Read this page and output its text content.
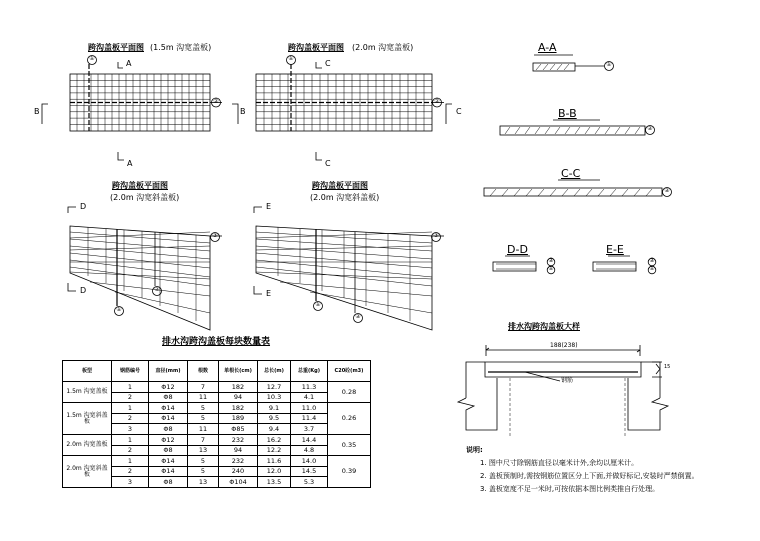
跨沟盖板平面图 (1.5m 沟宽盖板)	跨沟盖板平面图 (2.0m 沟宽盖板)
跨沟盖板平面图
(2.0m 沟宽斜盖板)
跨沟盖板平面图
(2.0m 沟宽斜盖板)
A
A
B	B
C
C
C
D
D
E
E
A-A
B-B
C-C
D-D	E-E
排水沟跨沟盖板每块数量表
板型	钢筋编号	直径(mm)	根数	单根长(cm)	总长(m)	总重(Kg)	C20砼(m3)
1.5m 沟宽盖板	1	Φ12	7	182	12.7	11.3	0.28
	2	Φ8	11	94	10.3	4.1	
1.5m 沟宽斜盖板	1	Φ14	5	182	9.1	11.0	0.26
	2	Φ14	5	189	9.5	11.4	
	3	Φ8	11	Φ85	9.4	3.7	
2.0m 沟宽盖板	1	Φ12	7	232	16.2	14.4	0.35
	2	Φ8	13	94	12.2	4.8	
2.0m 沟宽斜盖板	1	Φ14	5	232	11.6	14.0	0.39
	2	Φ14	5	240	12.0	14.5	
	3	Φ8	13	Φ104	13.5	5.3	
排水沟跨沟盖板大样
188(238)
钢筋
15
说明:
1. 图中尺寸除钢筋直径以毫米计外,余均以厘米计。
2. 盖板预制时,需按钢筋位置区分上下面,并做好标记,安装时严禁倒置。
3. 盖板宽度不足一米时,可按依据本图比例类推自行处理。
①
②
①
②
①
②
③
①
②
③
①
②
②
②
①
②
①
